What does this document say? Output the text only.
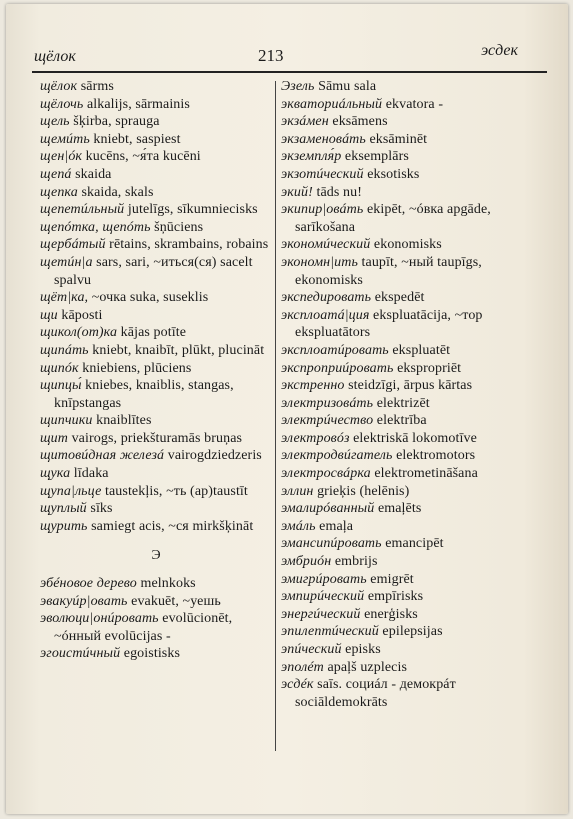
щёлок	213	эсдек
щёлок sārms
щёлочь alkalijs, sārmainis
щель šķirba, sprauga
щемúть kniebt, saspiest
щен|óк kucēns, ~я́та kucēni
щепá skaida
щепка skaida, skals
щепетúльный jutelīgs, sīkumniecisks
щепóтка, щепóть šņūciens
щербáтый rētains, skrambains, robains
щетúн|а sars, sari, ~иться(ся) sacelt spalvu
щёт|ка, ~очка suka, suseklis
щи kāposti
щикол(от)ка kājas potīte
щипáть kniebt, knaibīt, plūkt, plucināt
щипóк kniebiens, plūciens
щипцы́ kniebes, knaiblis, stangas, knīpstangas
щипчики knaiblītes
щит vairogs, priekšturamās bruņas
щитовúдная железá vairogdziedzeris
щука līdaka
щупа|льце taustekļis, ~ть (ap)taustīt
щуплый sīks
щурить samiegt acis, ~ся mirkšķināt
Э
эбéновое дерево melnkoks
эвакуúр|овать evakuēt, ~уешь
эволюци|онúровать evolūcionēt, ~óнный evolūcijas -
эгоистúчный egoistisks
Эзель Sāmu sala
экваториáльный ekvatora -
экзáмен eksāmens
экзаменовáть eksāminēt
экземпля́р eksemplārs
экзотúческий eksotisks
экий! tāds nu!
экипир|овáть ekipēt, ~óвка apgāde, sarīkošana
экономúческий ekonomisks
экономн|ить taupīt, ~ный taupīgs, ekonomisks
экспедировать ekspedēt
эксплоатá|ция ekspluatācija, ~тор ekspluatātors
эксплоатúровать ekspluatēt
экспроприúровать ekspropriēt
экстренно steidzīgi, ārpus kārtas
электризовáть elektrizēt
электрúчество elektrība
электровóз elektriskā lokomotīve
электродвúгатель elektromotors
электросвáрка elektrometināšana
эллин grieķis (helēnis)
эмалирóванный emaļēts
эмáль emaļa
эмансипúровать emancipēt
эмбриóн embrijs
эмигрúровать emigrēt
эмпирúческий empīrisks
энергúческий enerģisks
эпилептúческий epilepsijas
эпúческий episks
эполéт apaļš uzplecis
эсдéк saīs. социáл - демокрáт sociāldemokrāts
